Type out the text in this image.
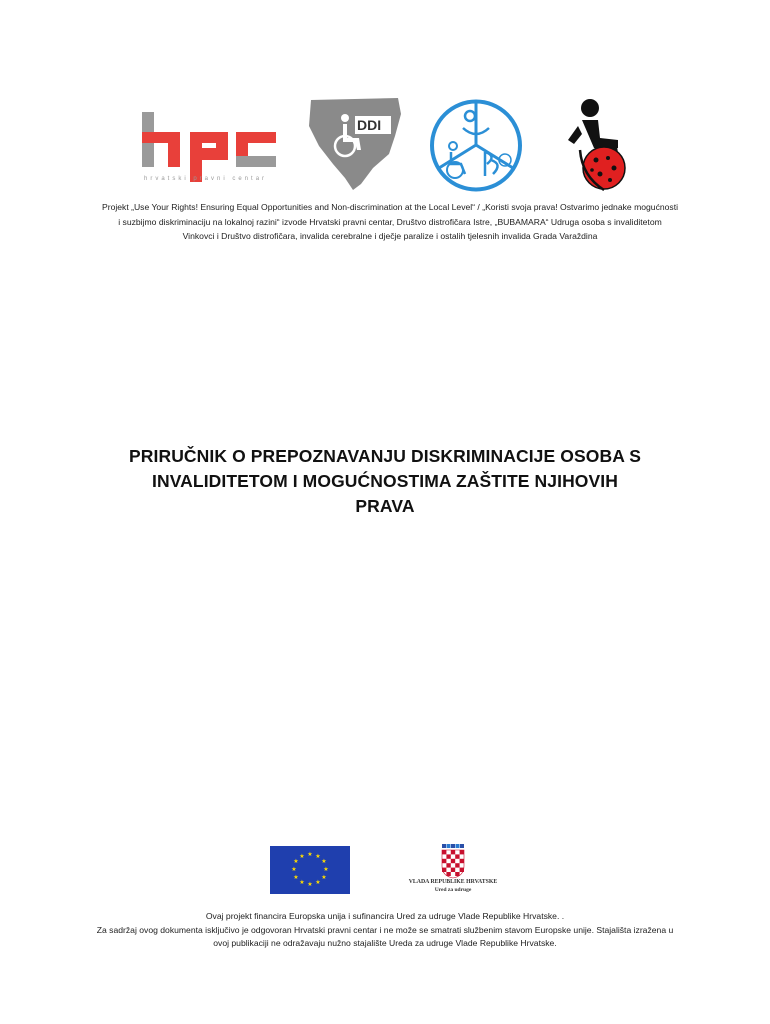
hrvatski pravni centar
DDI
Projekt „Use Your Rights! Ensuring Equal Opportunities and Non-discrimination at the Local Level“ / „Koristi svoja prava! Ostvarimo jednake mogućnosti
i suzbijmo diskriminaciju na lokalnoj razini“ izvode Hrvatski pravni centar, Društvo distrofičara Istre, „BUBAMARA“ Udruga osoba s invaliditetom
Vinkovci i Društvo distrofičara, invalida cerebralne i dječje paralize i ostalih tjelesnih invalida Grada Varaždina
PRIRUČNIK O PREPOZNAVANJU DISKRIMINACIJE OSOBA S
INVALIDITETOM I MOGUĆNOSTIMA ZAŠTITE NJIHOVIH
PRAVA
★ ★
★
★
★
★
★
★
★
★
★
★
VLADA REPUBLIKE HRVATSKE
Ured za udruge
Ovaj projekt financira Europska unija i sufinancira Ured za udruge Vlade Republike Hrvatske. .
Za sadržaj ovog dokumenta isključivo je odgovoran Hrvatski pravni centar i ne može se smatrati službenim stavom Europske unije. Stajališta izražena u
ovoj publikaciji ne odražavaju nužno stajalište Ureda za udruge Vlade Republike Hrvatske.
